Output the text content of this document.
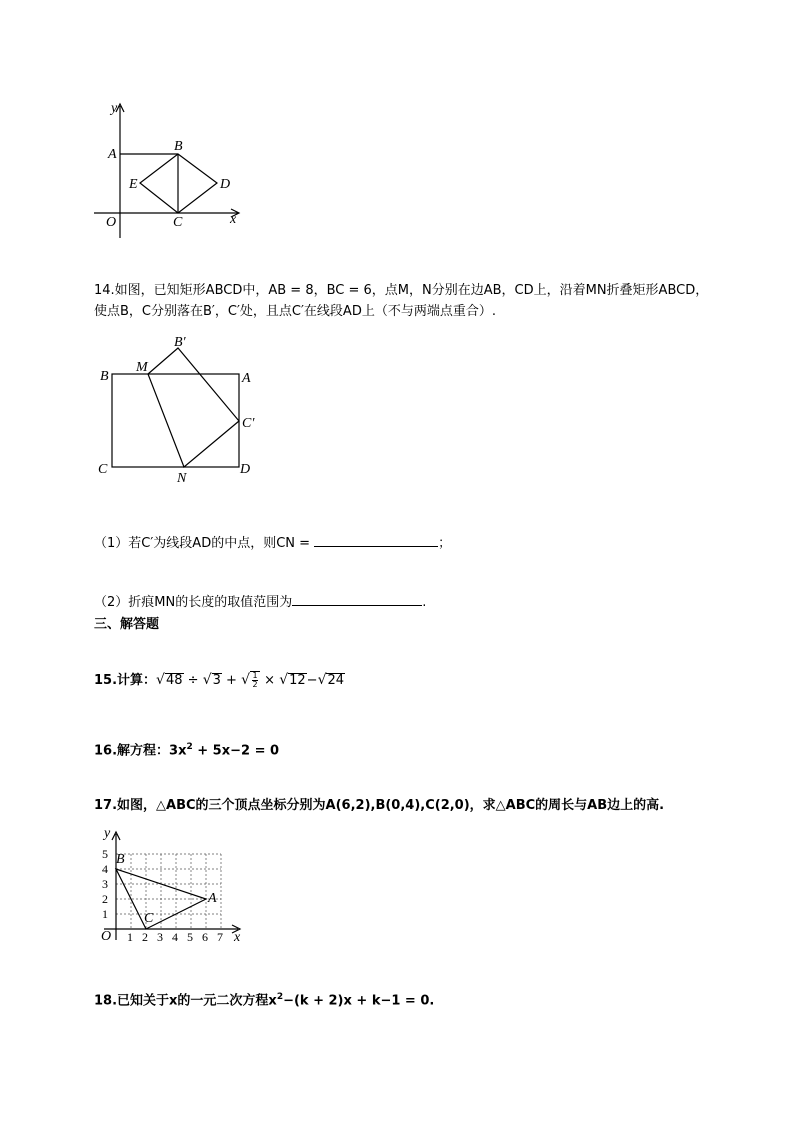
y
A
B
E	D
O	C	x
14.如图，已知矩形ABCD中，AB = 8，BC = 6，点M，N分别在边AB，CD上，沿着MN折叠矩形ABCD，
使点B，C分别落在B′，C′处，且点C′在线段AD上（不与两端点重合）.
B′
M
B	A
C′
C
N
D
（1）若C′为线段AD的中点，则CN =	；
（2）折痕MN的长度的取值范围为	.
三、解答题
15.计算：√48 ÷ √3 + √ $\frac{1}{2} \times √12-√24$
16.解方程：$3x^2 + 5x-2 = 0$
17.如图，△ABC的三个顶点坐标分别为A(6,2),B(0,4),C(2,0)，求△ABC的周长与AB边上的高.
y
B
A
C
O	x
1 2 3 4 5 6 7
1
2
3
4
5
18.已知关于x的一元二次方程$x^2-(k + 2)x + k-1 = 0$.
